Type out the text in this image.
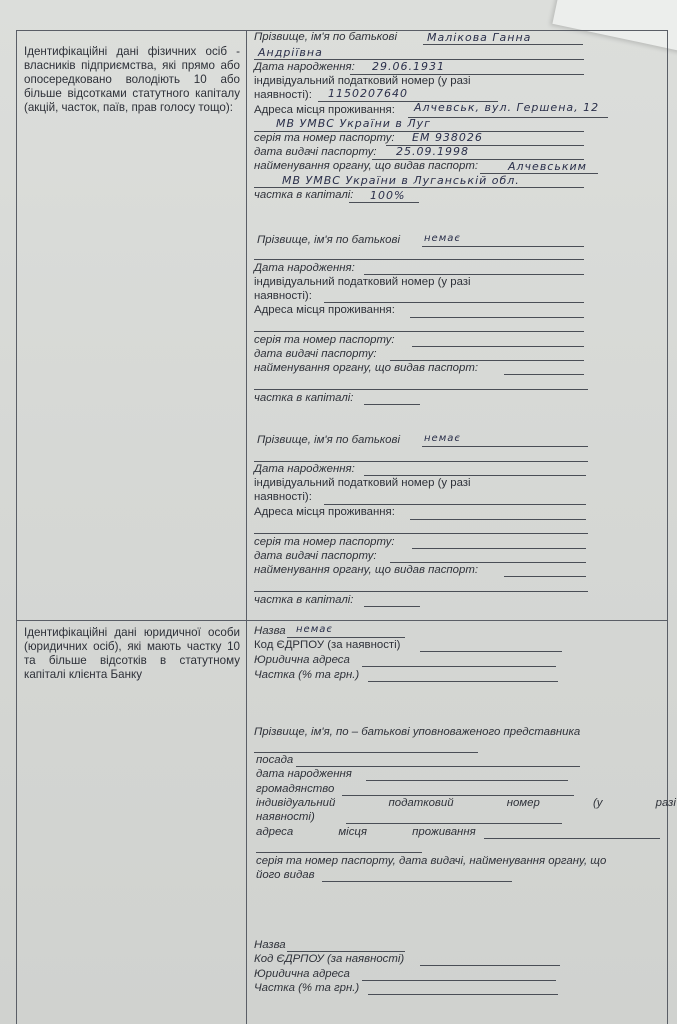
Ідентифікаційні дані фізичних осіб - власників підприємства, які прямо або опосередковано володіють 10 або більше відсотками статутного капіталу (акцій, часток, паїв, прав голосу тощо):
Прізвище, ім'я по батькові	Малікова Ганна
Андріївна
Дата народження: 29.06.1931
індивідуальний податковий номер (у разі
наявності): 1150207640
Адреса місця проживання: Алчевськ, вул. Гершена, 12
МВ УМВС України в Луг
серія та номер паспорту: ЕМ 938026
дата видачі паспорту: 25.09.1998
найменування органу, що видав паспорт:	Алчевським
МВ УМВС України в Луганській обл.
частка в капіталі: 100%
Прізвище, ім'я по батькові немає
Дата народження:
індивідуальний податковий номер (у разі
наявності):
Адреса місця проживання:
серія та номер паспорту:
дата видачі паспорту:
найменування органу, що видав паспорт:
частка в капіталі:
Прізвище, ім'я по батькові немає
Дата народження:
індивідуальний податковий номер (у разі
наявності):
Адреса місця проживання:
серія та номер паспорту:
дата видачі паспорту:
найменування органу, що видав паспорт:
частка в капіталі:
Ідентифікаційні дані юридичної особи (юридичних осіб), які мають частку 10 та більше відсотків в статутному капіталі клієнта Банку
Назва немає
Код ЄДРПОУ (за наявності)
Юридична адреса
Частка (% та грн.)
Прізвище, ім'я, по – батькові уповноваженого представника
посада
дата народження
громадянство
індивідуальний податковий номер (у разі
наявності)
адреса місця проживання
серія та номер паспорту, дата видачі, найменування органу, що
його видав
Назва
Код ЄДРПОУ (за наявності)
Юридична адреса
Частка (% та грн.)
